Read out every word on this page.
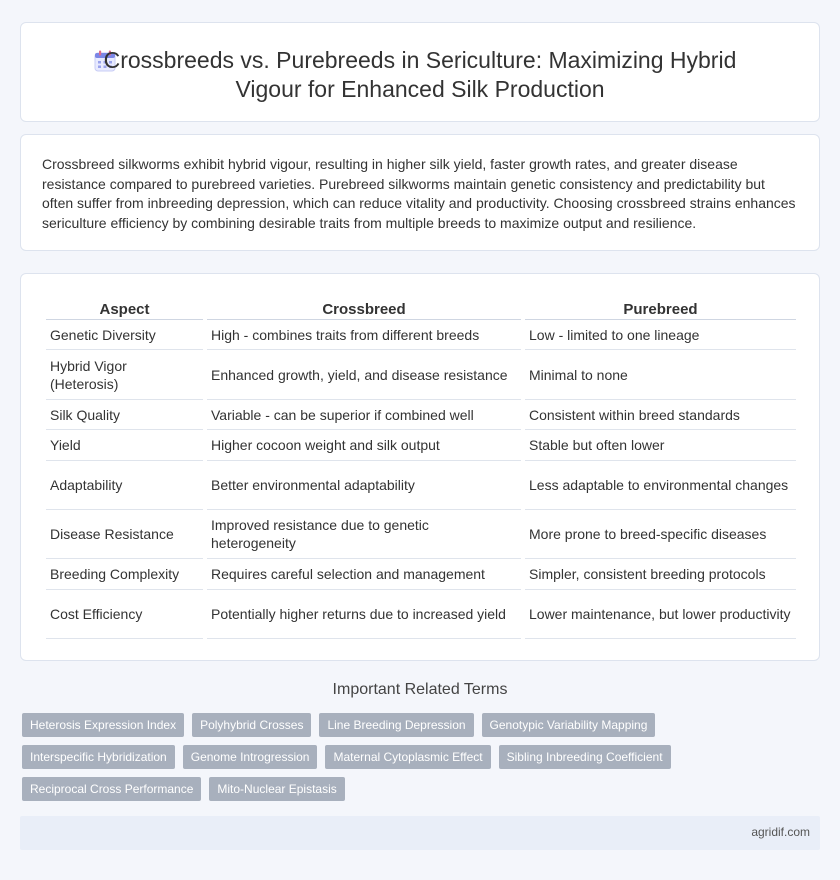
Crossbreeds vs. Purebreeds in Sericulture: Maximizing Hybrid Vigour for Enhanced Silk Production

Crossbreed silkworms exhibit hybrid vigour, resulting in higher silk yield, faster growth rates, and greater disease resistance compared to purebreed varieties. Purebreed silkworms maintain genetic consistency and predictability but often suffer from inbreeding depression, which can reduce vitality and productivity. Choosing crossbreed strains enhances sericulture efficiency by combining desirable traits from multiple breeds to maximize output and resilience.

Aspect	Crossbreed	Purebreed
Genetic Diversity	High - combines traits from different breeds	Low - limited to one lineage
Hybrid Vigor (Heterosis)	Enhanced growth, yield, and disease resistance	Minimal to none
Silk Quality	Variable - can be superior if combined well	Consistent within breed standards
Yield	Higher cocoon weight and silk output	Stable but often lower
Adaptability	Better environmental adaptability	Less adaptable to environmental changes
Disease Resistance	Improved resistance due to genetic heterogeneity	More prone to breed-specific diseases
Breeding Complexity	Requires careful selection and management	Simpler, consistent breeding protocols
Cost Efficiency	Potentially higher returns due to increased yield	Lower maintenance, but lower productivity
Important Related Terms
Heterosis Expression Index	Polyhybrid Crosses	Line Breeding Depression	Genotypic Variability Mapping
Interspecific Hybridization	Genome Introgression	Maternal Cytoplasmic Effect	Sibling Inbreeding Coefficient
Reciprocal Cross Performance	Mito-Nuclear Epistasis
agridif.com
